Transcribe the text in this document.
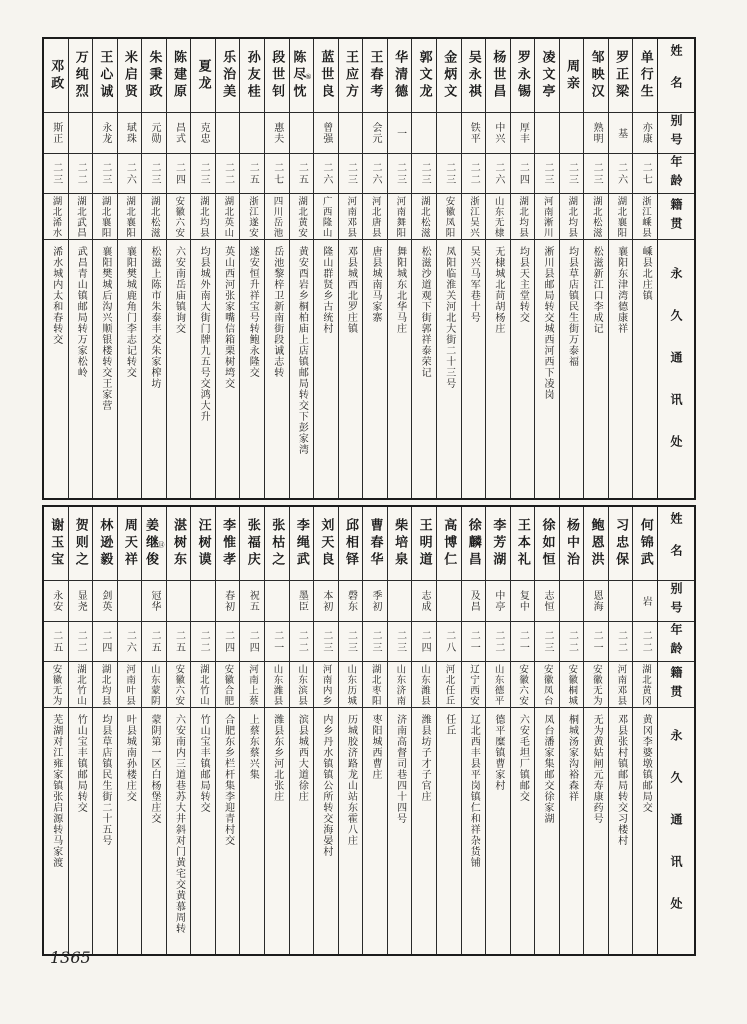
姓名
别号
年龄
籍贯
永久通讯处
单行生
亦康
二七
浙江嵊县
嵊县北庄镇
罗正梁
基
二六
湖北襄阳
襄阳东津湾德康祥
邹映汉
熟明
二三
湖北松滋
松滋新江口李成记
周亲
二三
湖北均县
均县草店镇民生街万泰福
凌文亭
二三
河南淅川
淅川县邮局转交城西河西下凌岗
罗永锡
厚丰
二四
湖北均县
均县天主堂转交
杨世昌
中兴
二六
山东无棣
无棣城北苘胡杨庄
吴永祺
铁平
二二
浙江吴兴
吴兴马军巷十号
金炳文
二三
安徽凤阳
凤阳临淮关河北大街二十三号
郭文龙
二三
湖北松滋
松滋沙道观下街郭祥泰荣记
华清德
一
二三
河南舞阳
舞阳城东北华马庄
王春考
会元
二六
河北唐县
唐县城南马家寨
王应方
二三
河南邓县
邓县城西北罗庄镇
蓝世良
曾强
二六
广西隆山
隆山群贤乡古统村
陈尽忱 ⑤
二五
湖北黄安
黄安酉岩乡桐柏庙上店镇邮局转交下彭家湾
段世钊
惠夫
二七
四川岳池
岳池黎梓卫新南街段诚志转
孙友桂
二五
浙江遂安
遂安恒升祥宝号转鲍永隆交
乐治美
二二
湖北英山
英山西河张家嘴信箱栗树塆交
夏龙
克忠
二三
湖北均县
均县城外南大街门牌九五号交鸿大升
陈建原
昌式
二四
安徽六安
六安南岳庙镇询交
朱秉政
元勋
二三
湖北松滋
松滋上陈市朱泰丰交朱家榨坊
米启贤
珷珠
二六
湖北襄阳
襄阳樊城鹿角门李志记转交
王心诚
永龙
二三
湖北襄阳
襄阳樊城后沟兴顺银楼转交王家营
万纯烈
二二
湖北武昌
武昌青山镇邮局转万家松岭
邓政
斯正
二三
湖北浠水
浠水城内太和春转交
姓名
别号
年龄
籍贯
永久通讯处
何锦武
岩
二二
湖北黄冈
黄冈李婆墩镇邮局交
习忠保
二二
河南邓县
邓县张村镇邮局转交习楼村
鲍恩洪
恩海
二一
安徽无为
无为黄姑闸元寿康药号
杨中治
二二
安徽桐城
桐城汤家沟裕森祥
徐如恒
志恒
二三
安徽凤台
凤台潘家集邮交徐家湖
王本礼
复中
二一
安徽六安
六安毛坦厂镇邮交
李芳湖
中亭
二二
山东德平
德平糜镇曹家村
徐麟昌
及昌
二一
辽宁西安
辽北西丰县平岗镇仁和祥杂货铺
高博仁
二八
河北任丘
任丘
王明道
志成
二四
山东潍县
潍县坊子才子官庄
柴培泉
二三
山东济南
济南高督司巷四十四号
曹春华
季初
二三
湖北枣阳
枣阳城西曹庄
邱相铎
磬东
二三
山东历城
历城胶济路龙山站东霍八庄
刘天良
本初
二三
河南内乡
内乡丹水镇镇公所转交海晏村
李绳武
墨臣
二二
山东滨县
滨县城西大道徐庄
张枯之
二一
山东潍县
潍县东乡河北张庄
张福庆
祝五
二四
河南上蔡
上蔡东蔡兴集
李惟孝
春初
二四
安徽合肥
合肥东乡栏杆集李迎青村交
汪树谟
二二
湖北竹山
竹山宝丰镇邮局转交
湛树东
二五
安徽六安
六安南内三道巷苏大井斜对门黄宅交黄慕周转
姜继俊 ⑭
冠华
二五
山东蒙阴
蒙阴第一区白杨堡庄交
周天祥
二六
河南叶县
叶县城南孙楼庄交
林逊毅
剑英
二四
湖北均县
均县草店镇民生街二十五号
贺则之
显尧
二二
湖北竹山
竹山宝丰镇邮局转交
谢玉宝
永安
二五
安徽无为
芜湖对江雍家镇张启源转马家渡
1365
